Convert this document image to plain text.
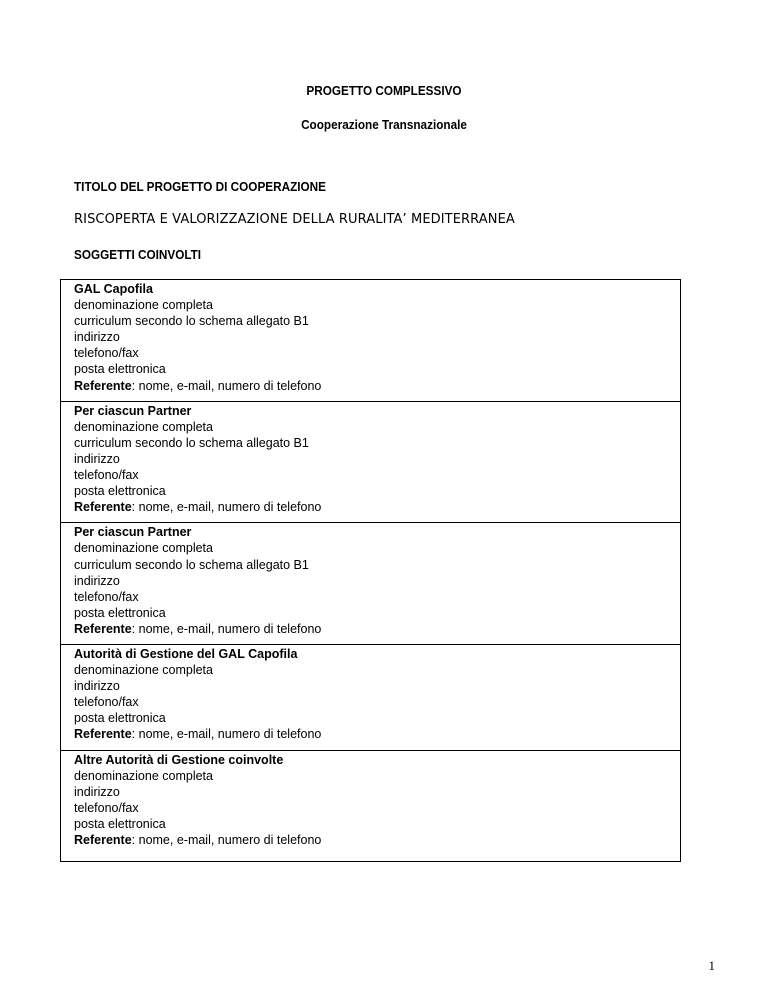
PROGETTO COMPLESSIVO
Cooperazione Transnazionale
TITOLO DEL PROGETTO DI COOPERAZIONE
RISCOPERTA E VALORIZZAZIONE DELLA RURALITA’ MEDITERRANEA
SOGGETTI COINVOLTI
GAL Capofila
denominazione completa
curriculum secondo lo schema allegato B1
indirizzo
telefono/fax
posta elettronica
Referente: nome, e-mail, numero di telefono
Per ciascun Partner
denominazione completa
curriculum secondo lo schema allegato B1
indirizzo
telefono/fax
posta elettronica
Referente: nome, e-mail, numero di telefono
Per ciascun Partner
denominazione completa
curriculum secondo lo schema allegato B1
indirizzo
telefono/fax
posta elettronica
Referente: nome, e-mail, numero di telefono
Autorità di Gestione del GAL Capofila
denominazione completa
indirizzo
telefono/fax
posta elettronica
Referente: nome, e-mail, numero di telefono
Altre Autorità di Gestione coinvolte
denominazione completa
indirizzo
telefono/fax
posta elettronica
Referente: nome, e-mail, numero di telefono
1
